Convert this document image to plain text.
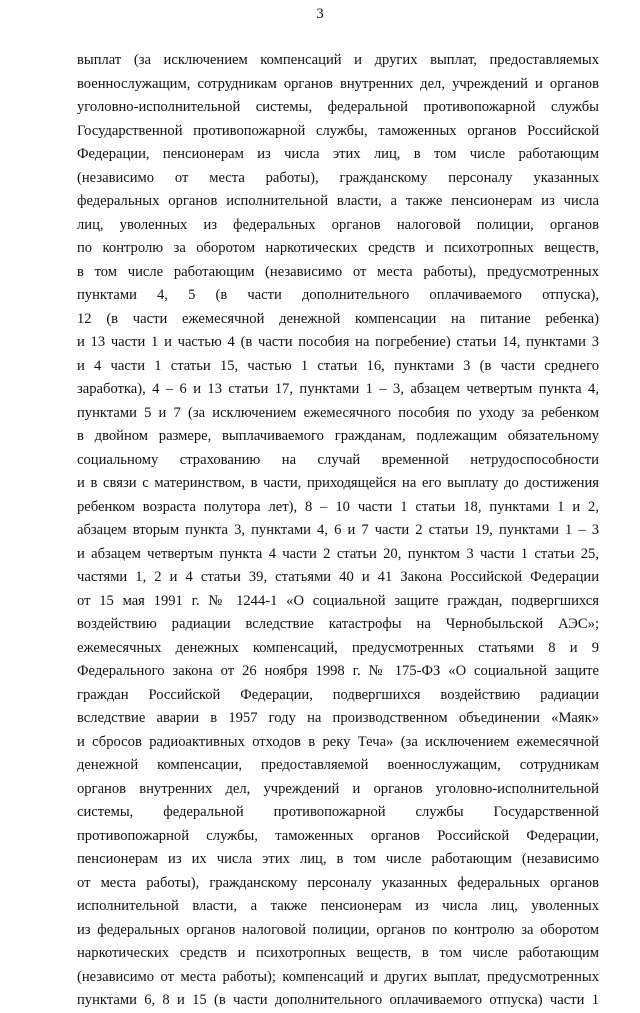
3
выплат (за исключением компенсаций и других выплат, предоставляемых
военнослужащим, сотрудникам органов внутренних дел, учреждений и органов
уголовно-исполнительной системы, федеральной противопожарной службы
Государственной противопожарной службы, таможенных органов Российской
Федерации, пенсионерам из числа этих лиц, в том числе работающим
(независимо от места работы), гражданскому персоналу указанных
федеральных органов исполнительной власти, а также пенсионерам из числа
лиц, уволенных из федеральных органов налоговой полиции, органов
по контролю за оборотом наркотических средств и психотропных веществ,
в том числе работающим (независимо от места работы), предусмотренных
пунктами 4, 5 (в части дополнительного оплачиваемого отпуска),
12 (в части ежемесячной денежной компенсации на питание ребенка)
и 13 части 1 и частью 4 (в части пособия на погребение) статьи 14, пунктами 3
и 4 части 1 статьи 15, частью 1 статьи 16, пунктами 3 (в части среднего
заработка), 4 – 6 и 13 статьи 17, пунктами 1 – 3, абзацем четвертым пункта 4,
пунктами 5 и 7 (за исключением ежемесячного пособия по уходу за ребенком
в двойном размере, выплачиваемого гражданам, подлежащим обязательному
социальному страхованию на случай временной нетрудоспособности
и в связи с материнством, в части, приходящейся на его выплату до достижения
ребенком возраста полутора лет), 8 – 10 части 1 статьи 18, пунктами 1 и 2,
абзацем вторым пункта 3, пунктами 4, 6 и 7 части 2 статьи 19, пунктами 1 – 3
и абзацем четвертым пункта 4 части 2 статьи 20, пунктом 3 части 1 статьи 25,
частями 1, 2 и 4 статьи 39, статьями 40 и 41 Закона Российской Федерации
от 15 мая 1991 г. № 1244-1 «О социальной защите граждан, подвергшихся
воздействию радиации вследствие катастрофы на Чернобыльской АЭС»;
ежемесячных денежных компенсаций, предусмотренных статьями 8 и 9
Федерального закона от 26 ноября 1998 г. № 175-ФЗ «О социальной защите
граждан Российской Федерации, подвергшихся воздействию радиации
вследствие аварии в 1957 году на производственном объединении «Маяк»
и сбросов радиоактивных отходов в реку Теча» (за исключением ежемесячной
денежной компенсации, предоставляемой военнослужащим, сотрудникам
органов внутренних дел, учреждений и органов уголовно-исполнительной
системы, федеральной противопожарной службы Государственной
противопожарной службы, таможенных органов Российской Федерации,
пенсионерам из их числа этих лиц, в том числе работающим (независимо
от места работы), гражданскому персоналу указанных федеральных органов
исполнительной власти, а также пенсионерам из числа лиц, уволенных
из федеральных органов налоговой полиции, органов по контролю за оборотом
наркотических средств и психотропных веществ, в том числе работающим
(независимо от места работы); компенсаций и других выплат, предусмотренных
пунктами 6, 8 и 15 (в части дополнительного оплачиваемого отпуска) части 1
